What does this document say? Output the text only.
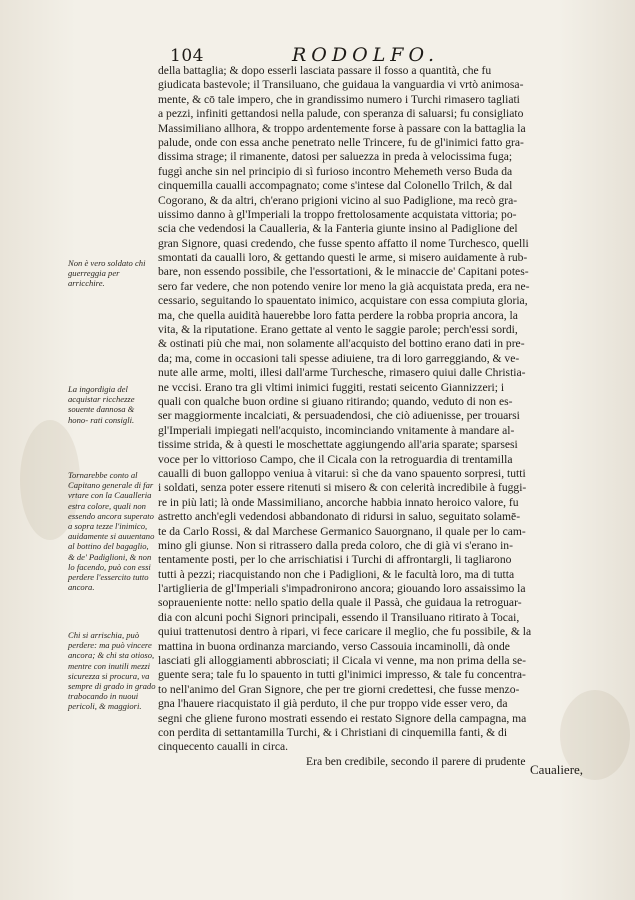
104	RODOLFO.
della battaglia; & dopo esserli lasciata passare il fosso a quantità, che fu
giudicata bastevole; il Transiluano, che guidaua la vanguardia vi vrtò animosa-
mente, & cō tale impero, che in grandissimo numero i Turchi rimasero tagliati
a pezzi, infiniti gettandosi nella palude, con speranza di saluarsi; fu consigliato
Massimiliano allhora, & troppo ardentemente forse à passare con la battaglia la
palude, onde con essa anche penetrato nelle Trincere, fu de gl'inimici fatto gra-
dissima strage; il rimanente, datosi per saluezza in preda à velocissima fuga;
fuggì anche sin nel principio di sì furioso incontro Mehemeth verso Buda da
cinquemilla caualli accompagnato; come s'intese dal Colonello Trilch, & dal
Cogorano, & da altri, ch'erano prigioni vicino al suo Padiglione, ma recò gra-
uissimo danno à gl'Imperiali la troppo frettolosamente acquistata vittoria; po-
scia che vedendosi la Caualleria, & la Fanteria giunte insino al Padiglione del
gran Signore, quasi credendo, che fusse spento affatto il nome Turchesco, quelli
smontati da caualli loro, & gettando questi le arme, si misero auidamente à rub-
bare, non essendo possibile, che l'essortationi, & le minaccie de' Capitani potes-
sero far vedere, che non potendo venire lor meno la già acquistata preda, era ne-
cessario, seguitando lo spauentato inimico, acquistare con essa compiuta gloria,
ma, che quella auidità hauerebbe loro fatta perdere la robba propria ancora, la
vita, & la riputatione. Erano gettate al vento le saggie parole; perch'essi sordi,
& ostinati più che mai, non solamente all'acquisto del bottino erano dati in pre-
da; ma, come in occasioni tali spesse adiuiene, tra di loro garreggiando, & ve-
nute alle arme, molti, illesi dall'arme Turchesche, rimasero quiui dalle Christia-
ne vccisi. Erano tra gli vltimi inimici fuggiti, restati seicento Giannizzeri; i
quali con qualche buon ordine si giuano ritirando; quando, veduto di non es-
ser maggiormente incalciati, & persuadendosi, che ciò adiuenisse, per trouarsi
gl'Imperiali impiegati nell'acquisto, incominciando vnitamente à mandare al-
tissime strida, & à questi le moschettate aggiungendo all'aria sparate; sparsesi
voce per lo vittorioso Campo, che il Cicala con la retroguardia di trentamilla
caualli di buon galloppo veniua à vitarui: sì che da vano spauento sorpresi, tutti
i soldati, senza poter essere ritenuti si misero & con celerità incredibile à fuggi-
re in più lati; là onde Massimiliano, ancorche habbia innato heroico valore, fu
astretto anch'egli vedendosi abbandonato di ridursi in saluo, seguitato solamē-
te da Carlo Rossi, & dal Marchese Germanico Sauorgnano, il quale per lo cam-
mino gli giunse. Non si ritrassero dalla preda coloro, che di già vi s'erano in-
tentamente posti, per lo che arrischiatisi i Turchi di affrontargli, li tagliarono
tutti à pezzi; riacquistando non che i Padiglioni, & le facultà loro, ma di tutta
l'artiglieria de gl'Imperiali s'impadronirono ancora; giouando loro assaissimo la
sopraueniente notte: nello spatio della quale il Passà, che guidaua la retroguar-
dia con alcuni pochi Signori principali, essendo il Transiluano ritirato à Tocai,
quiui trattenutosi dentro à ripari, vi fece caricare il meglio, che fu possibile, & la
mattina in buona ordinanza marciando, verso Cassouia incaminolli, dà onde
lasciati gli alloggiamenti abbrosciati; il Cicala vi venne, ma non prima della se-
guente sera; tale fu lo spauento in tutti gl'inimici impresso, & tale fu concentra-
to nell'animo del Gran Signore, che per tre giorni credettesi, che fusse menzo-
gna l'hauere riacquistato il già perduto, il che pur troppo vide esser vero, da
segni che gliene furono mostrati essendo ei restato Signore della campagna, ma
con perdita di settantamilla Turchi, & i Christiani di cinquemilla fanti, & di
cinquecento caualli in circa.
Era ben credibile, secondo il parere di prudente
Caualiere,
Non è vero soldato chi guerreggia per arricchire.
La ingordigia del acquistar ricchezze souente dannosa & hono- rati consigli.
Tornarebbe conto al Capitano generale di far vrtare con la Caualleria estra colore, quali non essendo ancora superato a sopra tezze l'inimico, auidamente si auuentano al bottino del bagaglio, & de' Padiglioni, & non lo facendo, può con essi perdere l'essercito tutto ancora.
Chi si arrischia, può perdere: ma può vincere ancora; & chi sta otioso, mentre con inutili mezzi sicurezza si procura, va sempre di grado in grado trabocando in nuoui pericoli, & maggiori.
